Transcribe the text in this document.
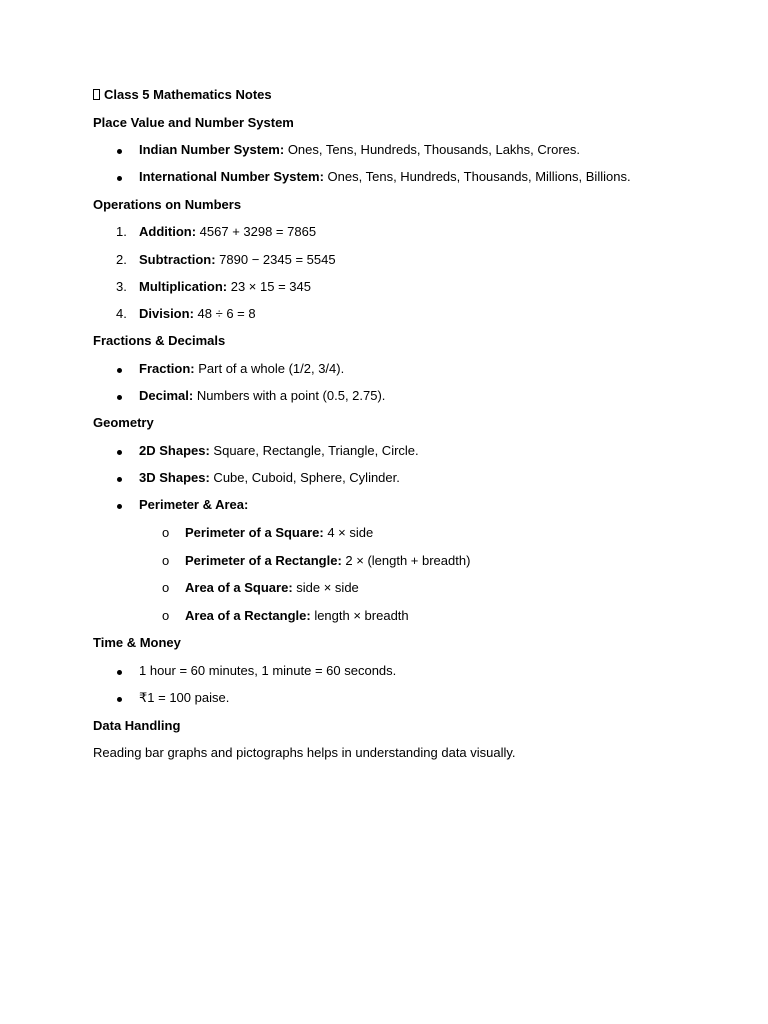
Class 5 Mathematics Notes
Place Value and Number System
Indian Number System: Ones, Tens, Hundreds, Thousands, Lakhs, Crores.
International Number System: Ones, Tens, Hundreds, Thousands, Millions, Billions.
Operations on Numbers
1. Addition: 4567 + 3298 = 7865
2. Subtraction: 7890 − 2345 = 5545
3. Multiplication: 23 × 15 = 345
4. Division: 48 ÷ 6 = 8
Fractions & Decimals
Fraction: Part of a whole (1/2, 3/4).
Decimal: Numbers with a point (0.5, 2.75).
Geometry
2D Shapes: Square, Rectangle, Triangle, Circle.
3D Shapes: Cube, Cuboid, Sphere, Cylinder.
Perimeter & Area:
o Perimeter of a Square: 4 × side
o Perimeter of a Rectangle: 2 × (length + breadth)
o Area of a Square: side × side
o Area of a Rectangle: length × breadth
Time & Money
1 hour = 60 minutes, 1 minute = 60 seconds.
₹1 = 100 paise.
Data Handling
Reading bar graphs and pictographs helps in understanding data visually.
